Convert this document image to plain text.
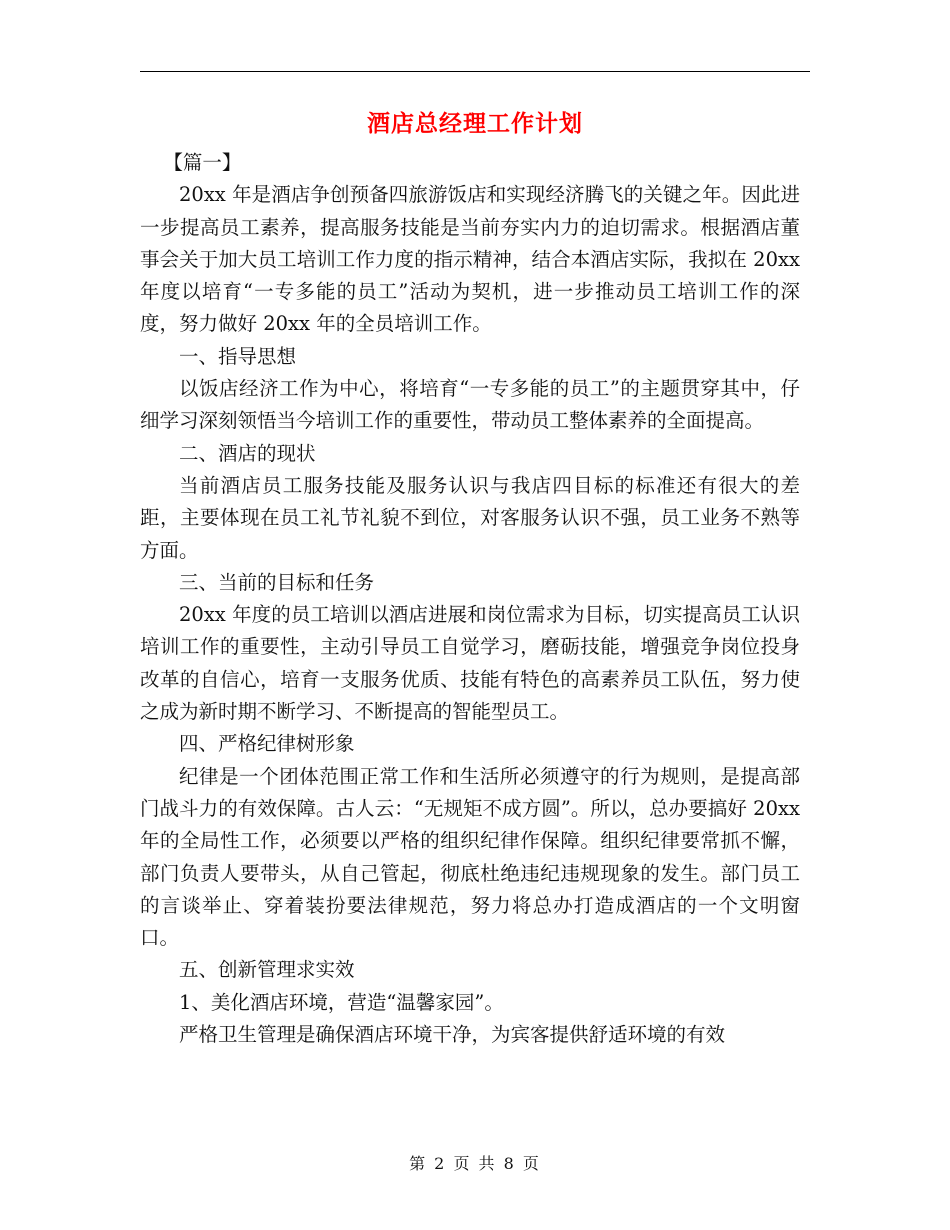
酒店总经理工作计划

【篇一】

20xx 年是酒店争创预备四旅游饭店和实现经济腾飞的关键之年。因此进一步提高员工素养，提高服务技能是当前夯实内力的迫切需求。根据酒店董事会关于加大员工培训工作力度的指示精神，结合本酒店实际，我拟在 20xx 年度以培育“一专多能的员工”活动为契机，进一步推动员工培训工作的深度，努力做好 20xx 年的全员培训工作。

一、指导思想

以饭店经济工作为中心，将培育“一专多能的员工”的主题贯穿其中，仔细学习深刻领悟当今培训工作的重要性，带动员工整体素养的全面提高。

二、酒店的现状

当前酒店员工服务技能及服务认识与我店四目标的标准还有很大的差距，主要体现在员工礼节礼貌不到位，对客服务认识不强，员工业务不熟等方面。

三、当前的目标和任务

20xx 年度的员工培训以酒店进展和岗位需求为目标，切实提高员工认识培训工作的重要性，主动引导员工自觉学习，磨砺技能，增强竞争岗位投身改革的自信心，培育一支服务优质、技能有特色的高素养员工队伍，努力使之成为新时期不断学习、不断提高的智能型员工。

四、严格纪律树形象

纪律是一个团体范围正常工作和生活所必须遵守的行为规则，是提高部门战斗力的有效保障。古人云：“无规矩不成方圆”。所以，总办要搞好 20xx 年的全局性工作，必须要以严格的组织纪律作保障。组织纪律要常抓不懈，部门负责人要带头，从自己管起，彻底杜绝违纪违规现象的发生。部门员工的言谈举止、穿着装扮要法律规范，努力将总办打造成酒店的一个文明窗口。

五、创新管理求实效

1、美化酒店环境，营造“温馨家园”。

严格卫生管理是确保酒店环境干净，为宾客提供舒适环境的有效

第 2 页 共 8 页
